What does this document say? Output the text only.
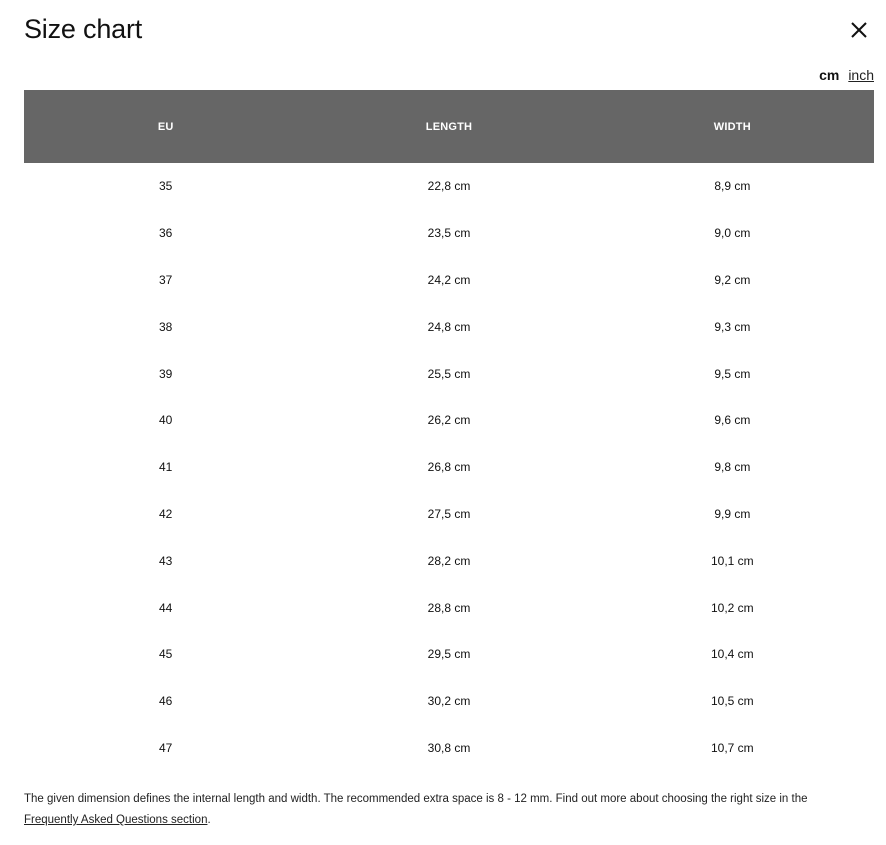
Size chart
cm inch
EU	LENGTH	WIDTH
35	22,8 cm	8,9 cm
36	23,5 cm	9,0 cm
37	24,2 cm	9,2 cm
38	24,8 cm	9,3 cm
39	25,5 cm	9,5 cm
40	26,2 cm	9,6 cm
41	26,8 cm	9,8 cm
42	27,5 cm	9,9 cm
43	28,2 cm	10,1 cm
44	28,8 cm	10,2 cm
45	29,5 cm	10,4 cm
46	30,2 cm	10,5 cm
47	30,8 cm	10,7 cm
The given dimension defines the internal length and width. The recommended extra space is 8 - 12 mm. Find out more about choosing the right size in the
Frequently Asked Questions section.
